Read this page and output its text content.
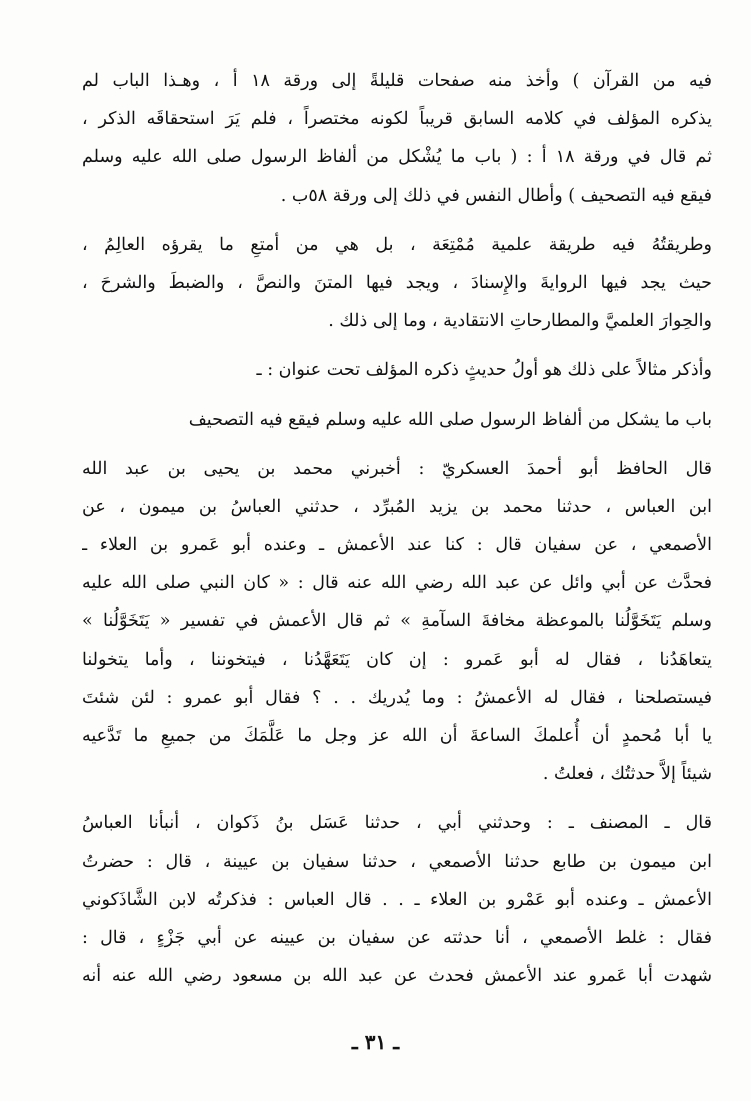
فيه من القرآن ) وأخذ منه صفحات قليلةً إلى ورقة ١٨ أ ، وهـذا الباب لم
يذكره المؤلف في كلامه السابق قريباً لكونه مختصراً ، فلم يَرَ استحقاقَه الذكر ،
ثم قال في ورقة ١٨ أ : ( باب ما يُشْكل من ألفاظ الرسول صلى الله عليه وسلم
فيقع فيه التصحيف ) وأطال النفس في ذلك إلى ورقة ٥٨ب .
وطريقتُهُ فيه طريقة علمية مُمْتِعَة ، بل هي من أمتعِ ما يقرؤه العالِمُ ،
حيث يجد فيها الروايةَ والإِسنادَ ، ويجد فيها المتنَ والنصَّ ، والضبطَ والشرحَ ،
والحِوارَ العلميَّ والمطارحاتِ الانتقادية ، وما إلى ذلك .
وأذكر مثالاً على ذلك هو أولُ حديثٍ ذكره المؤلف تحت عنوان : ـ
باب ما يشكل من ألفاظ الرسول صلى الله عليه وسلم فيقع فيه التصحيف
قال الحافظ أبو أحمدَ العسكريّ : أخبرني محمد بن يحيى بن عبد الله
ابن العباس ، حدثنا محمد بن يزيد المُبرِّد ، حدثني العباسُ بن ميمون ، عن
الأصمعي ، عن سفيان قال : كنا عند الأعمش ـ وعنده أبو عَمرو بن العلاء ـ
فحدَّث عن أبي وائل عن عبد الله رضي الله عنه قال : « كان النبي صلى الله عليه
وسلم يَتَخَوَّلُنا بالموعظة مخافةَ السآمةِ » ثم قال الأعمش في تفسير « يَتَخَوَّلُنا »
يتعاهَدُنا ، فقال له أبو عَمرو : إن كان يَتَعَهَّدُنا ، فيتخوننا ، وأما يتخولنا
فيستصلحنا ، فقال له الأعمشُ : وما يُدريك . . ؟ فقال أبو عمرو : لئن شئتَ
يا أبا مُحمدٍ أن أُعلمكَ الساعةَ أن الله عز وجل ما عَلَّمَكَ من جميعِ ما تَدَّعيه
شيئاً إلاَّ حدثتُك ، فعلتُ .
قال ـ المصنف ـ : وحدثني أبي ، حدثنا عَسَل بنُ ذَكوان ، أنبأنا العباسُ
ابن ميمون بن طابع حدثنا الأصمعي ، حدثنا سفيان بن عيينة ، قال : حضرتُ
الأعمش ـ وعنده أبو عَمْرو بن العلاء ـ . . قال العباس : فذكرتُه لابن الشَّاذَكوني
فقال : غلط الأصمعي ، أنا حدثته عن سفيان بن عيينه عن أبي جَزْءٍ ، قال :
شهدت أبا عَمرو عند الأعمش فحدث عن عبد الله بن مسعود رضي الله عنه أنه
ـ ٣١ ـ
